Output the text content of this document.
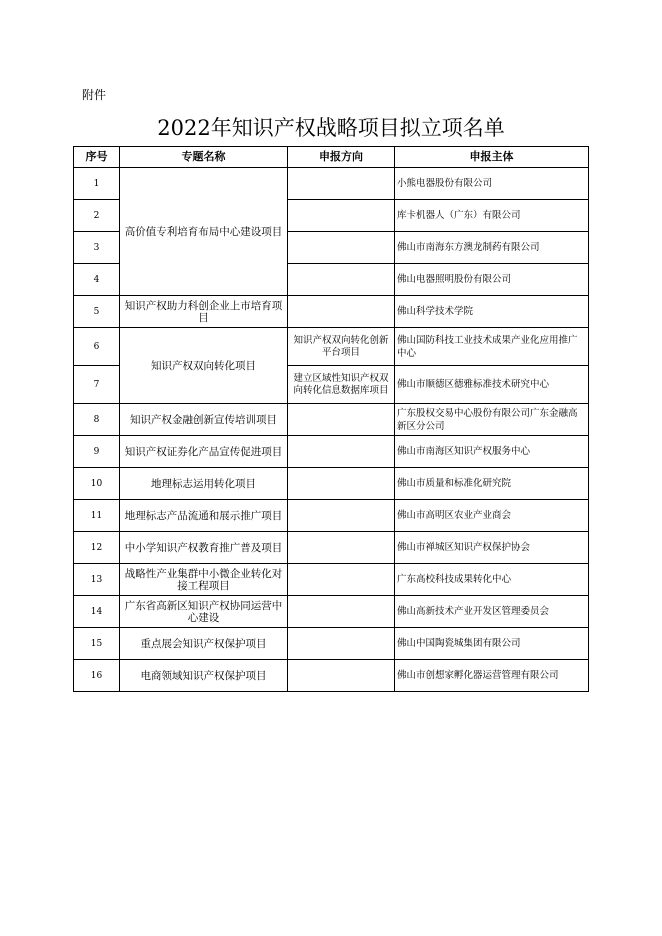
附件
2022年知识产权战略项目拟立项名单
序号	专题名称	申报方向	申报主体
1	高价值专利培育布局中心建设项目		小熊电器股份有限公司
2			库卡机器人（广东）有限公司
3			佛山市南海东方澳龙制药有限公司
4			佛山电器照明股份有限公司
5	知识产权助力科创企业上市培育项目		佛山科学技术学院
6	知识产权双向转化项目	知识产权双向转化创新平台项目	佛山国防科技工业技术成果产业化应用推广中心
7		建立区域性知识产权双向转化信息数据库项目	佛山市顺德区德雅标准技术研究中心
8	知识产权金融创新宣传培训项目		广东股权交易中心股份有限公司广东金融高新区分公司
9	知识产权证券化产品宣传促进项目		佛山市南海区知识产权服务中心
10	地理标志运用转化项目		佛山市质量和标准化研究院
11	地理标志产品流通和展示推广项目		佛山市高明区农业产业商会
12	中小学知识产权教育推广普及项目		佛山市禅城区知识产权保护协会
13	战略性产业集群中小微企业转化对接工程项目		广东高校科技成果转化中心
14	广东省高新区知识产权协同运营中心建设		佛山高新技术产业开发区管理委员会
15	重点展会知识产权保护项目		佛山中国陶瓷城集团有限公司
16	电商领域知识产权保护项目		佛山市创想家孵化器运营管理有限公司
